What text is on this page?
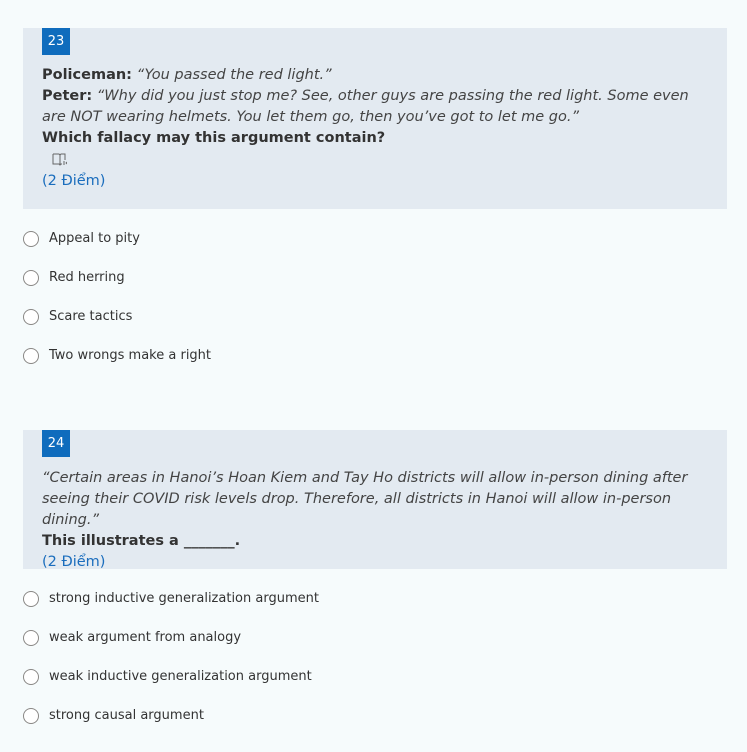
23

Policeman: “You passed the red light.”

Peter: “Why did you just stop me? See, other guys are passing the red light. Some even are NOT wearing helmets. You let them go, then you’ve got to let me go.”

Which fallacy may this argument contain?

(2 Điểm)

Appeal to pity
Red herring
Scare tactics
Two wrongs make a right
24

“Certain areas in Hanoi’s Hoan Kiem and Tay Ho districts will allow in-person dining after seeing their COVID risk levels drop. Therefore, all districts in Hanoi will allow in-person dining.”

This illustrates a _______.

(2 Điểm)

strong inductive generalization argument
weak argument from analogy
weak inductive generalization argument
strong causal argument
